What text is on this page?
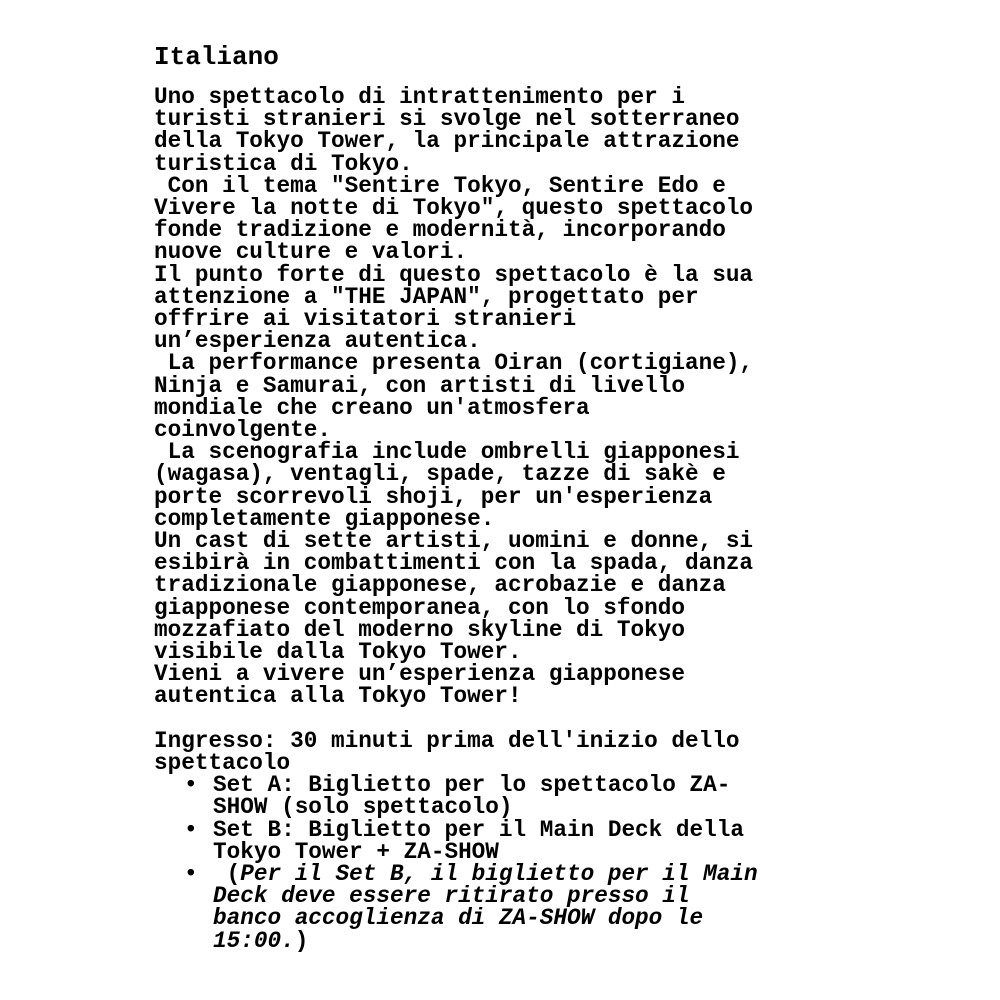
Italiano
Uno spettacolo di intrattenimento per i
turisti stranieri si svolge nel sotterraneo
della Tokyo Tower, la principale attrazione
turistica di Tokyo.
Con il tema "Sentire Tokyo, Sentire Edo e
Vivere la notte di Tokyo", questo spettacolo
fonde tradizione e modernità, incorporando
nuove culture e valori.
Il punto forte di questo spettacolo è la sua
attenzione a "THE JAPAN", progettato per
offrire ai visitatori stranieri
un’esperienza autentica.
La performance presenta Oiran (cortigiane),
Ninja e Samurai, con artisti di livello
mondiale che creano un'atmosfera
coinvolgente.
La scenografia include ombrelli giapponesi
(wagasa), ventagli, spade, tazze di sakè e
porte scorrevoli shoji, per un'esperienza
completamente giapponese.
Un cast di sette artisti, uomini e donne, si
esibirà in combattimenti con la spada, danza
tradizionale giapponese, acrobazie e danza
giapponese contemporanea, con lo sfondo
mozzafiato del moderno skyline di Tokyo
visibile dalla Tokyo Tower.
Vieni a vivere un’esperienza giapponese
autentica alla Tokyo Tower!
Ingresso: 30 minuti prima dell'inizio dello
spettacolo
• Set A: Biglietto per lo spettacolo ZA-
SHOW (solo spettacolo)
• Set B: Biglietto per il Main Deck della
Tokyo Tower + ZA-SHOW
• (Per il Set B, il biglietto per il Main
Deck deve essere ritirato presso il
banco accoglienza di ZA-SHOW dopo le
15:00.)
